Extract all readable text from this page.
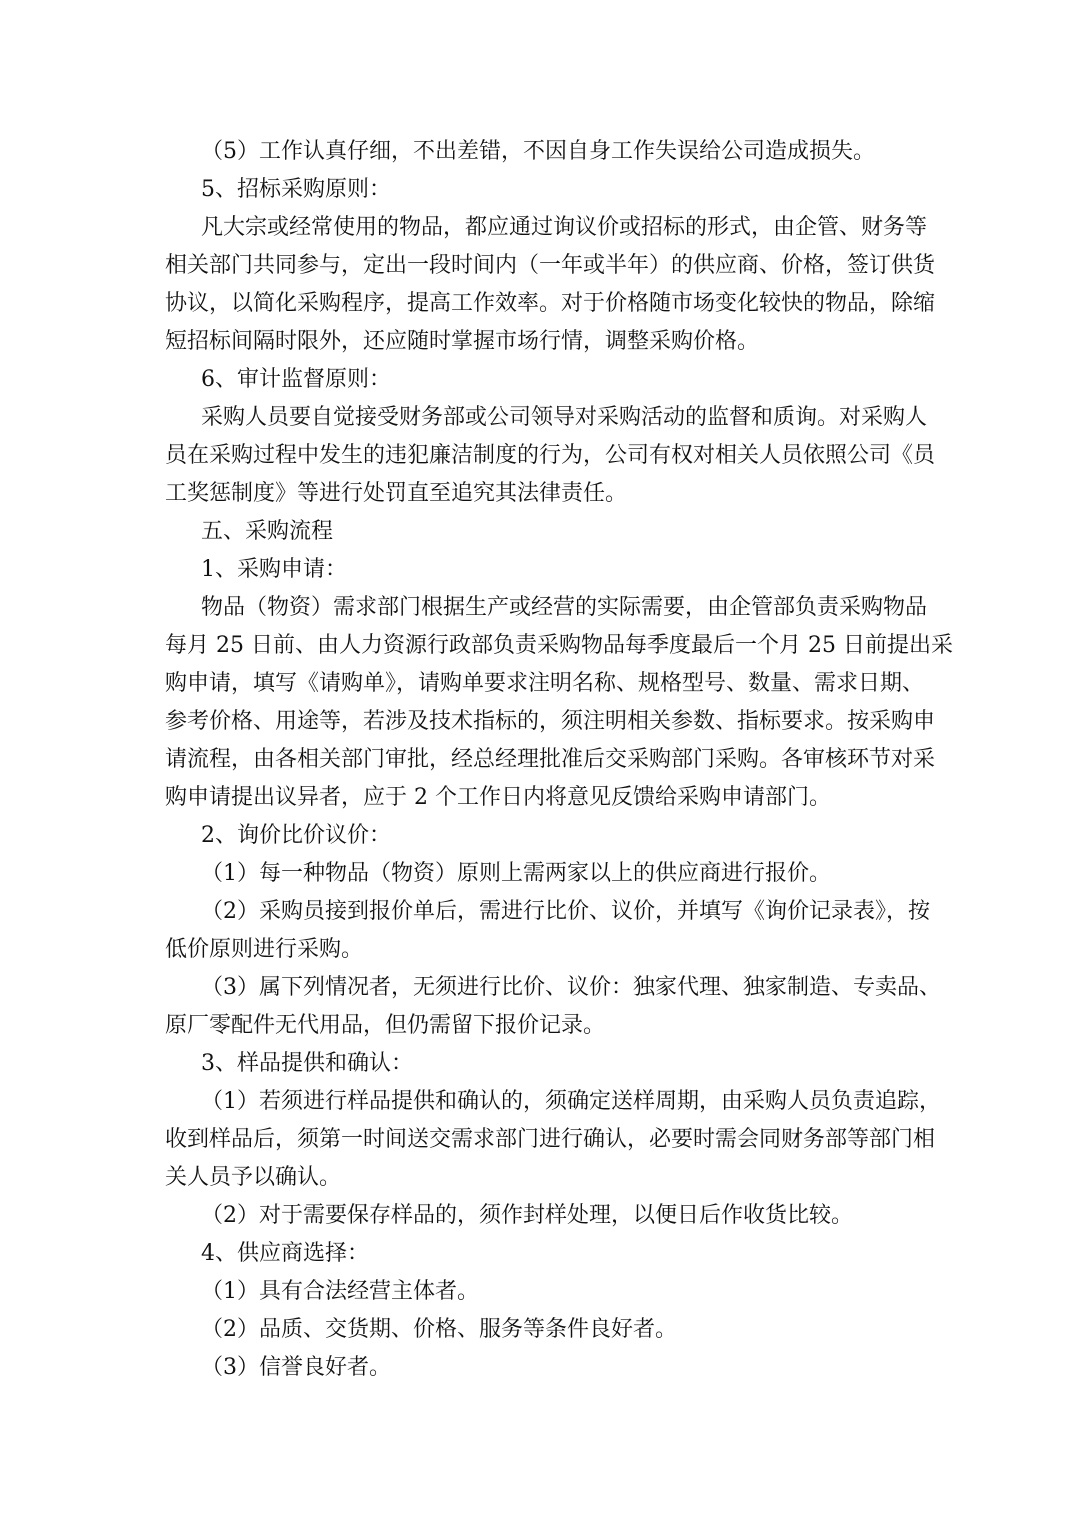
（5）工作认真仔细，不出差错，不因自身工作失误给公司造成损失。
5、招标采购原则：
凡大宗或经常使用的物品，都应通过询议价或招标的形式，由企管、财务等
相关部门共同参与，定出一段时间内（一年或半年）的供应商、价格，签订供货
协议，以简化采购程序，提高工作效率。对于价格随市场变化较快的物品，除缩
短招标间隔时限外，还应随时掌握市场行情，调整采购价格。
6、审计监督原则：
采购人员要自觉接受财务部或公司领导对采购活动的监督和质询。对采购人
员在采购过程中发生的违犯廉洁制度的行为，公司有权对相关人员依照公司《员
工奖惩制度》等进行处罚直至追究其法律责任。
五、采购流程
1、采购申请：
物品（物资）需求部门根据生产或经营的实际需要，由企管部负责采购物品
每月 25 日前、由人力资源行政部负责采购物品每季度最后一个月 25 日前提出采
购申请，填写《请购单》，请购单要求注明名称、规格型号、数量、需求日期、
参考价格、用途等，若涉及技术指标的，须注明相关参数、指标要求。按采购申
请流程，由各相关部门审批，经总经理批准后交采购部门采购。各审核环节对采
购申请提出议异者，应于 2 个工作日内将意见反馈给采购申请部门。
2、询价比价议价：
（1）每一种物品（物资）原则上需两家以上的供应商进行报价。
（2）采购员接到报价单后，需进行比价、议价，并填写《询价记录表》，按
低价原则进行采购。
（3）属下列情况者，无须进行比价、议价：独家代理、独家制造、专卖品、
原厂零配件无代用品，但仍需留下报价记录。
3、样品提供和确认：
（1）若须进行样品提供和确认的，须确定送样周期，由采购人员负责追踪，
收到样品后，须第一时间送交需求部门进行确认，必要时需会同财务部等部门相
关人员予以确认。
（2）对于需要保存样品的，须作封样处理，以便日后作收货比较。
4、供应商选择：
（1）具有合法经营主体者。
（2）品质、交货期、价格、服务等条件良好者。
（3）信誉良好者。
